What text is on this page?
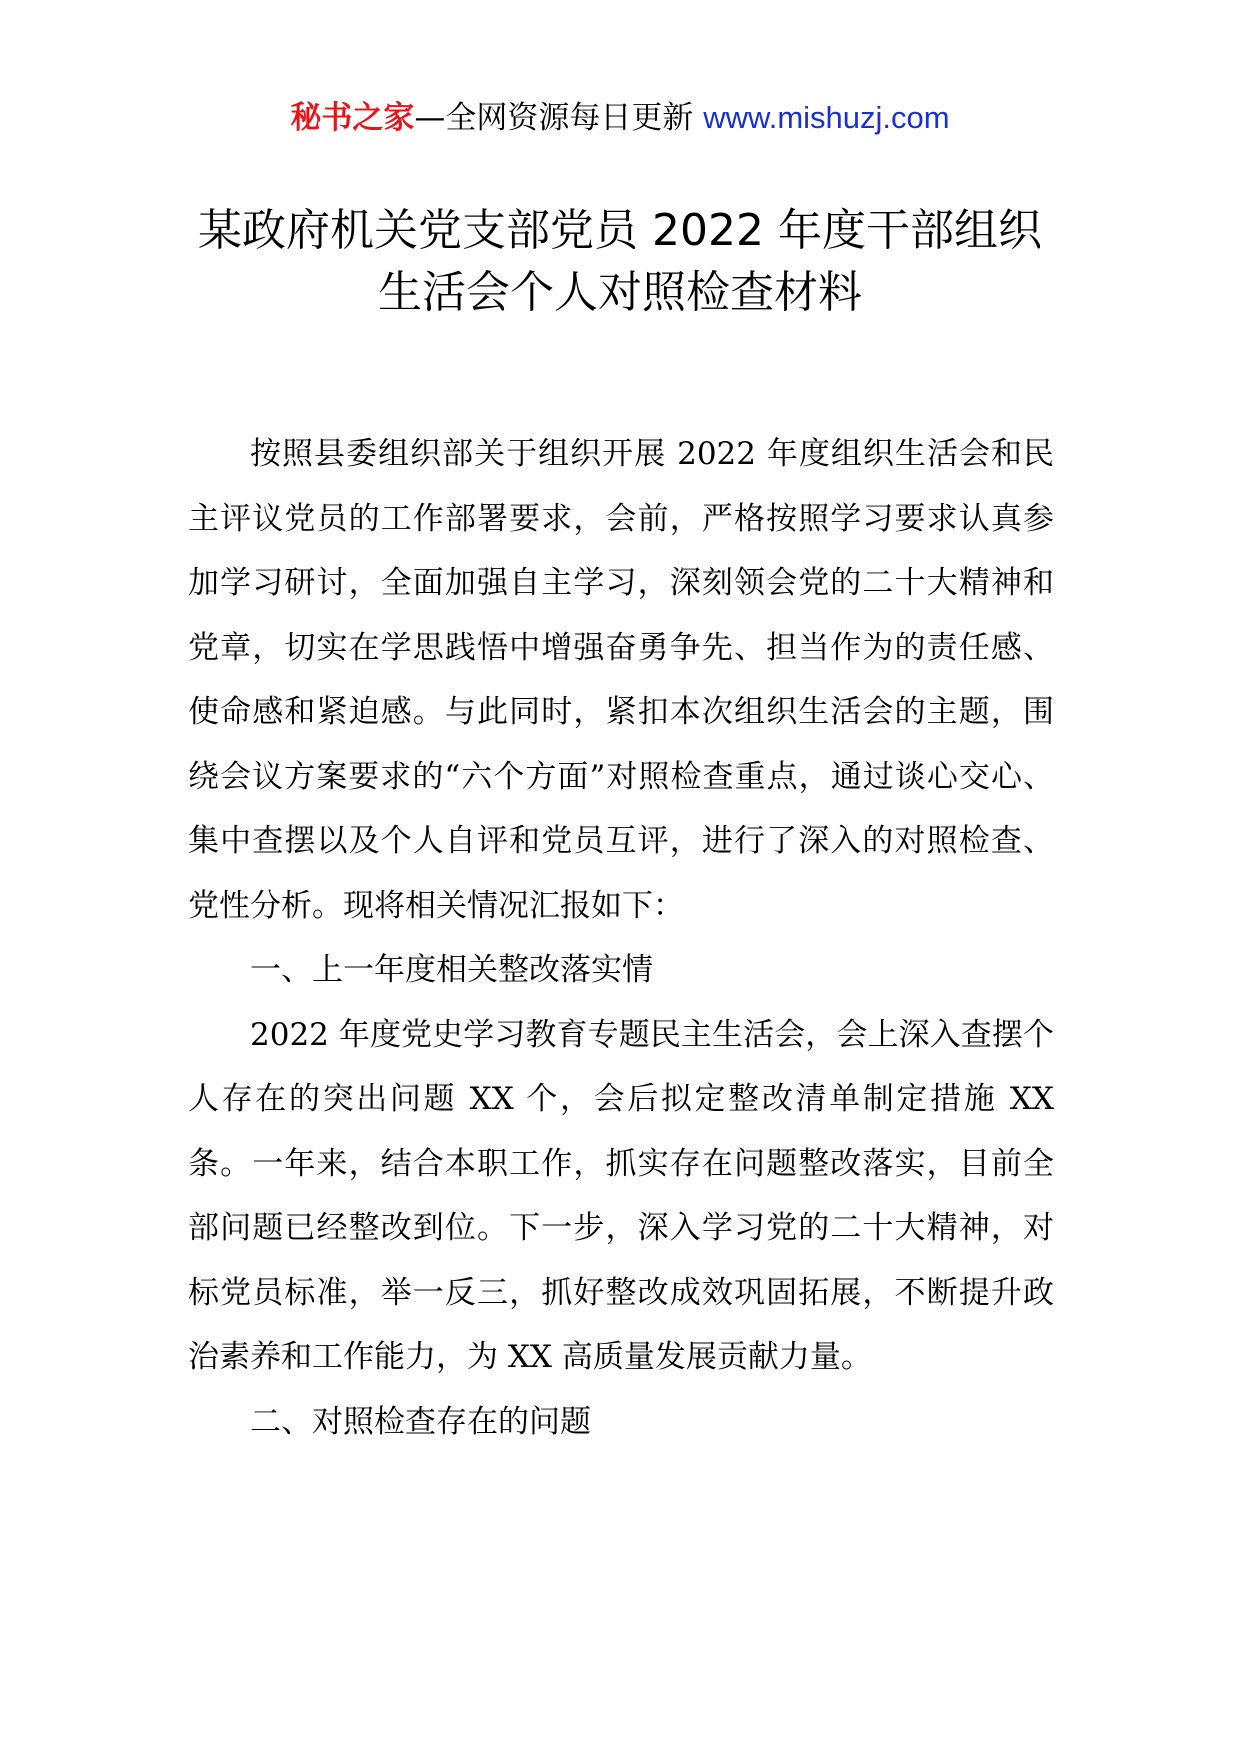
秘书之家—全网资源每日更新 www.mishuzj.com
某政府机关党支部党员 2022 年度干部组织
生活会个人对照检查材料

按照县委组织部关于组织开展 2022 年度组织生活会和民主评议党员的工作部署要求，会前，严格按照学习要求认真参加学习研讨，全面加强自主学习，深刻领会党的二十大精神和党章，切实在学思践悟中增强奋勇争先、担当作为的责任感、使命感和紧迫感。与此同时，紧扣本次组织生活会的主题，围绕会议方案要求的“六个方面”对照检查重点，通过谈心交心、集中查摆以及个人自评和党员互评，进行了深入的对照检查、党性分析。现将相关情况汇报如下：

一、上一年度相关整改落实情

2022 年度党史学习教育专题民主生活会，会上深入查摆个人存在的突出问题 XX 个，会后拟定整改清单制定措施 XX 条。一年来，结合本职工作，抓实存在问题整改落实，目前全部问题已经整改到位。下一步，深入学习党的二十大精神，对标党员标准，举一反三，抓好整改成效巩固拓展，不断提升政治素养和工作能力，为 XX 高质量发展贡献力量。

二、对照检查存在的问题
